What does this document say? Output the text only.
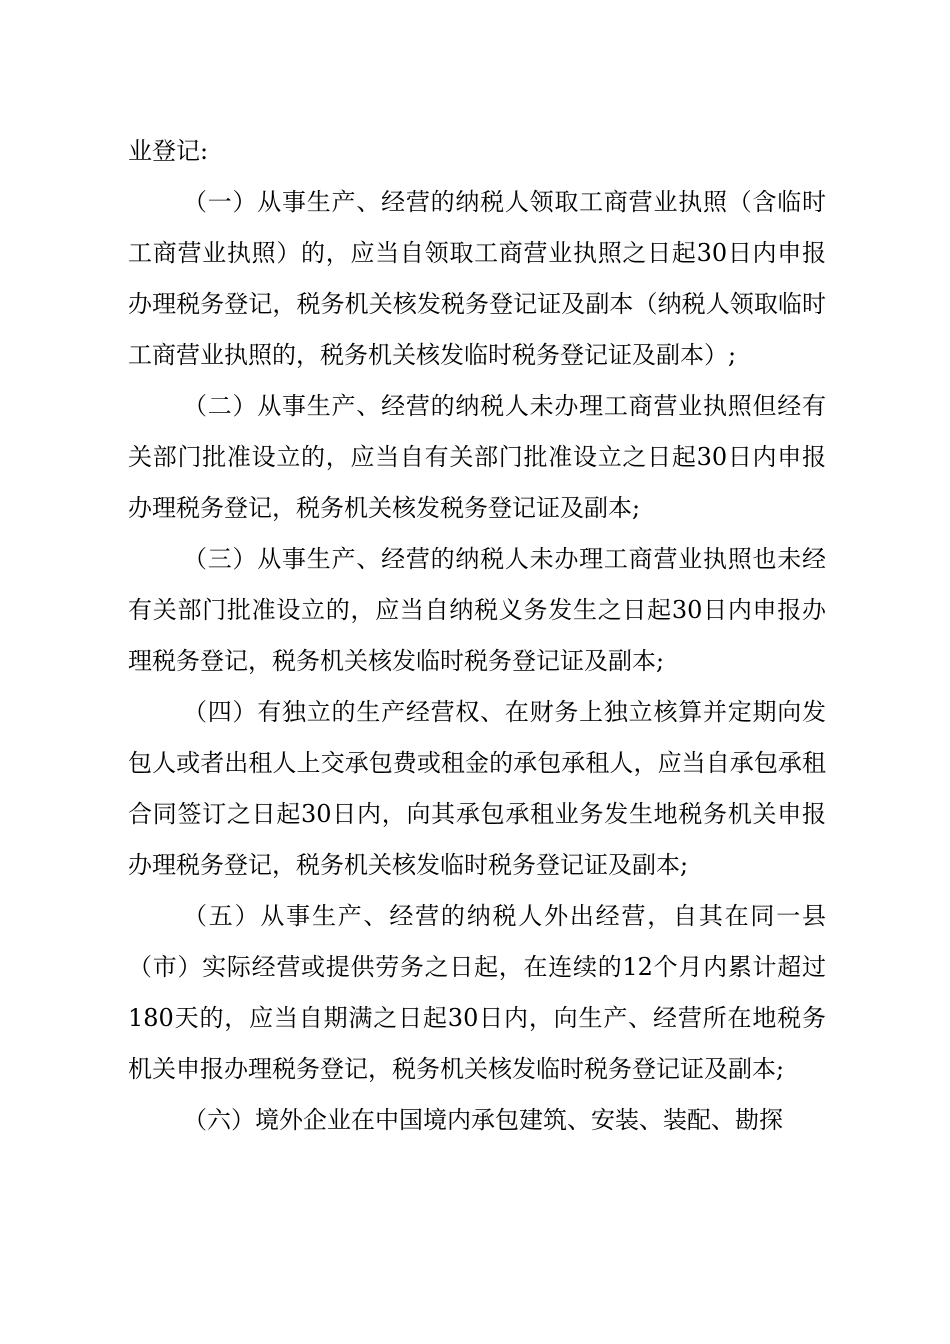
业登记:

（一）从事生产、经营的纳税人领取工商营业执照（含临时工商营业执照）的，应当自领取工商营业执照之日起30日内申报办理税务登记，税务机关核发税务登记证及副本（纳税人领取临时工商营业执照的，税务机关核发临时税务登记证及副本）;

（二）从事生产、经营的纳税人未办理工商营业执照但经有关部门批准设立的，应当自有关部门批准设立之日起30日内申报办理税务登记，税务机关核发税务登记证及副本;

（三）从事生产、经营的纳税人未办理工商营业执照也未经有关部门批准设立的，应当自纳税义务发生之日起30日内申报办理税务登记，税务机关核发临时税务登记证及副本;

（四）有独立的生产经营权、在财务上独立核算并定期向发包人或者出租人上交承包费或租金的承包承租人，应当自承包承租合同签订之日起30日内，向其承包承租业务发生地税务机关申报办理税务登记，税务机关核发临时税务登记证及副本;

（五）从事生产、经营的纳税人外出经营，自其在同一县（市）实际经营或提供劳务之日起，在连续的12个月内累计超过180天的，应当自期满之日起30日内，向生产、经营所在地税务机关申报办理税务登记，税务机关核发临时税务登记证及副本;

（六）境外企业在中国境内承包建筑、安装、装配、勘探
